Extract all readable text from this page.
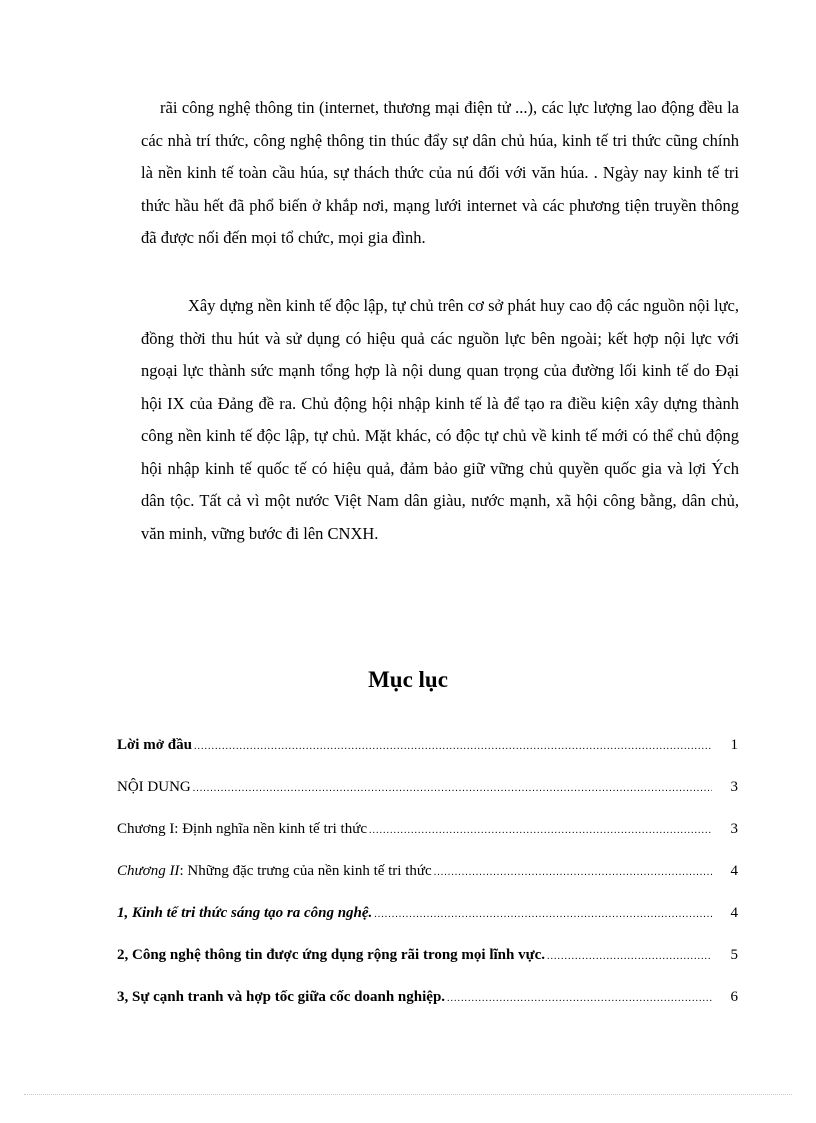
rãi công nghệ thông tin (internet, thương mại điện tử ...), các lực lượng lao động đều la các nhà trí thức, công nghệ thông tin thúc đẩy sự dân chủ húa, kinh tế tri thức cũng chính là nền kinh tế toàn cầu húa, sự thách thức của nú đối với văn húa. . Ngày nay kinh tế tri thức hầu hết đã phổ biến ở khắp nơi, mạng lưới internet và các phương tiện truyền thông đã được nối đến mọi tổ chức, mọi gia đình.

Xây dựng nền kinh tế độc lập, tự chủ trên cơ sở phát huy cao độ các nguồn nội lực, đồng thời thu hút và sử dụng có hiệu quả các nguồn lực bên ngoài; kết hợp nội lực với ngoại lực thành sức mạnh tổng hợp là nội dung quan trọng của đường lối kinh tế do Đại hội IX của Đảng đề ra. Chủ động hội nhập kinh tế là để tạo ra điều kiện xây dựng thành công nền kinh tế độc lập, tự chủ. Mặt khác, có độc tự chủ về kinh tế mới có thể chủ động hội nhập kinh tế quốc tế có hiệu quả, đảm bảo giữ vững chủ quyền quốc gia và lợi Ých dân tộc. Tất cả vì một nước Việt Nam dân giàu, nước mạnh, xã hội công bằng, dân chủ, văn minh, vững bước đi lên CNXH.

Mục lục
Lời mở đầu .....	1
NỘI DUNG .....	3
Chương I: Định nghĩa nền kinh tế tri thức .....	3
Chương II: Những đặc trưng của nền kinh tế tri thức .....	4
1, Kinh tế tri thức sáng tạo ra công nghệ. .....	4
2, Công nghệ thông tin được ứng dụng rộng rãi trong mọi lĩnh vực. .....	5
3, Sự cạnh tranh và hợp tốc giữa cốc doanh nghiệp. .....	6
